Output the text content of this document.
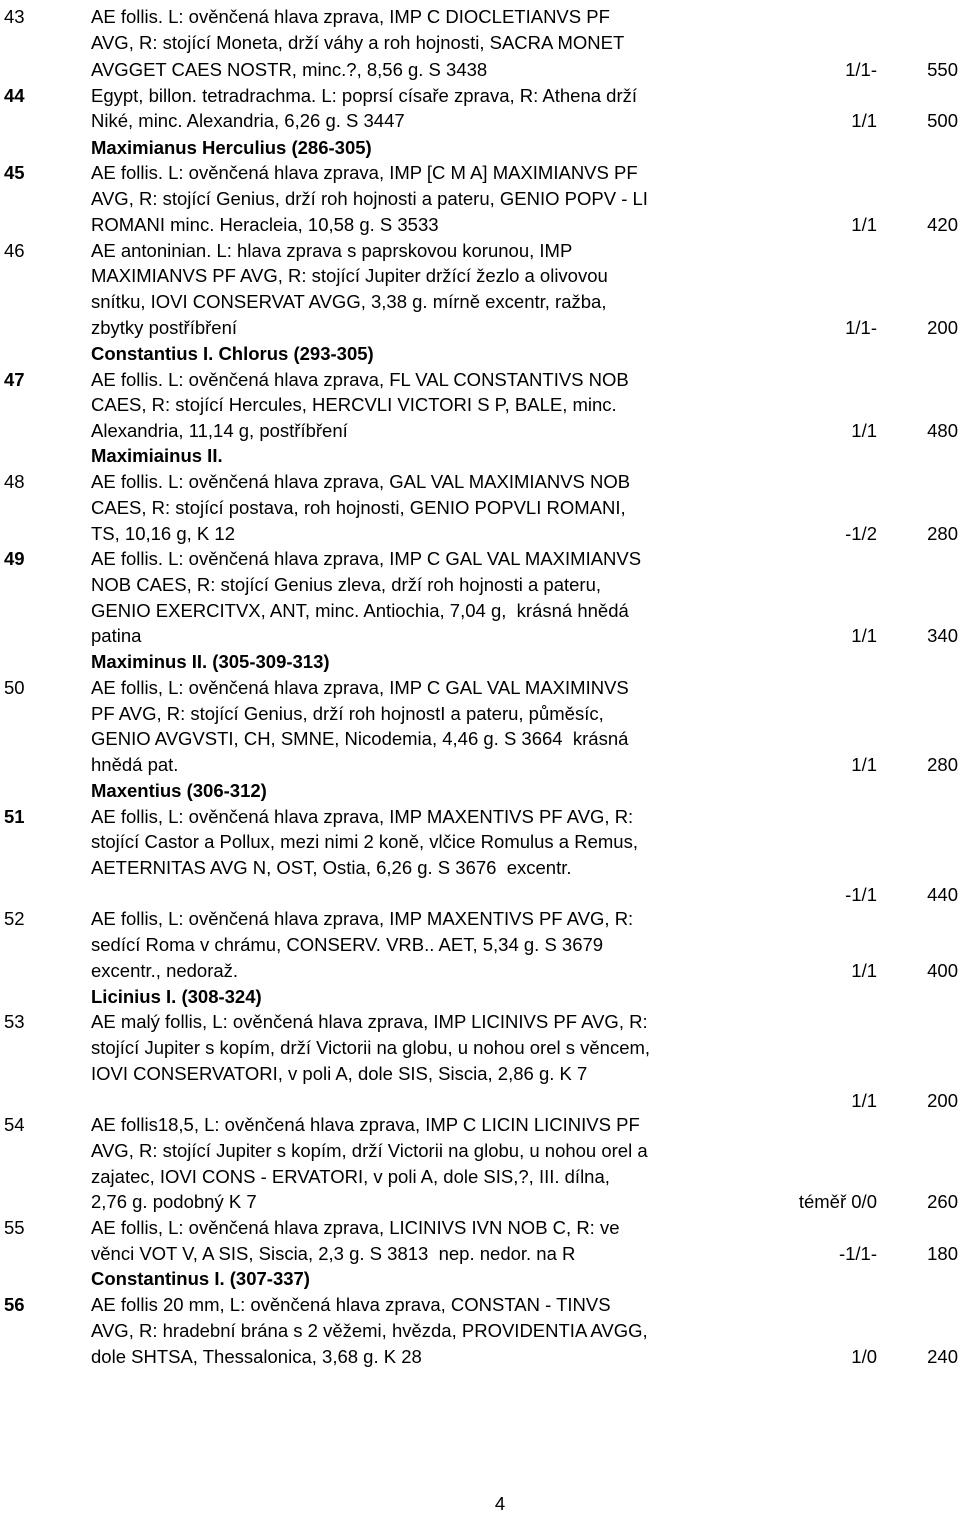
43	AE follis. L: ověnčená hlava zprava, IMP C DIOCLETIANVS PF
AVG, R: stojící Moneta, drží váhy a roh hojnosti, SACRA MONET
AVGGET CAES NOSTR, minc.?, 8,56 g. S 3438	1/1-	550
44	Egypt, billon. tetradrachma. L: poprsí císaře zprava, R: Athena drží
Niké, minc. Alexandria, 6,26 g. S 3447	1/1	500
Maximianus Herculius (286-305)
45	AE follis. L: ověnčená hlava zprava, IMP [C M A] MAXIMIANVS PF
AVG, R: stojící Genius, drží roh hojnosti a pateru, GENIO POPV - LI
ROMANI minc. Heracleia, 10,58 g. S 3533	1/1	420
46	AE antoninian. L: hlava zprava s paprskovou korunou, IMP
MAXIMIANVS PF AVG, R: stojící Jupiter držící žezlo a olivovou
snítku, IOVI CONSERVAT AVGG, 3,38 g. mírně excentr, ražba,
zbytky postříbření	1/1-	200
Constantius I. Chlorus (293-305)
47	AE follis. L: ověnčená hlava zprava, FL VAL CONSTANTIVS NOB
CAES, R: stojící Hercules, HERCVLI VICTORI S P, BALE, minc.
Alexandria, 11,14 g, postříbření	1/1	480
Maximiainus II.
48	AE follis. L: ověnčená hlava zprava, GAL VAL MAXIMIANVS NOB
CAES, R: stojící postava, roh hojnosti, GENIO POPVLI ROMANI,
TS, 10,16 g, K 12	-1/2	280
49	AE follis. L: ověnčená hlava zprava, IMP C GAL VAL MAXIMIANVS
NOB CAES, R: stojící Genius zleva, drží roh hojnosti a pateru,
GENIO EXERCITVX, ANT, minc. Antiochia, 7,04 g,  krásná hnědá
patina	1/1	340
Maximinus II. (305-309-313)
50	AE follis, L: ověnčená hlava zprava, IMP C GAL VAL MAXIMINVS
PF AVG, R: stojící Genius, drží roh hojnostI a pateru, půměsíc,
GENIO AVGVSTI, CH, SMNE, Nicodemia, 4,46 g. S 3664  krásná
hnědá pat.	1/1	280
Maxentius (306-312)
51	AE follis, L: ověnčená hlava zprava, IMP MAXENTIVS PF AVG, R:
stojící Castor a Pollux, mezi nimi 2 koně, vlčice Romulus a Remus,
AETERNITAS AVG N, OST, Ostia, 6,26 g. S 3676  excentr.
-1/1	440
52	AE follis, L: ověnčená hlava zprava, IMP MAXENTIVS PF AVG, R:
sedící Roma v chrámu, CONSERV. VRB.. AET, 5,34 g. S 3679
excentr., nedoraž.	1/1	400
Licinius I. (308-324)
53	AE malý follis, L: ověnčená hlava zprava, IMP LICINIVS PF AVG, R:
stojící Jupiter s kopím, drží Victorii na globu, u nohou orel s věncem,
IOVI CONSERVATORI, v poli A, dole SIS, Siscia, 2,86 g. K 7
1/1	200
54	AE follis18,5, L: ověnčená hlava zprava, IMP C LICIN LICINIVS PF
AVG, R: stojící Jupiter s kopím, drží Victorii na globu, u nohou orel a
zajatec, IOVI CONS - ERVATORI, v poli A, dole SIS,?, III. dílna,
2,76 g. podobný K 7	téměř 0/0	260
55	AE follis, L: ověnčená hlava zprava, LICINIVS IVN NOB C, R: ve
věnci VOT V, A SIS, Siscia, 2,3 g. S 3813  nep. nedor. na R	-1/1-	180
Constantinus I. (307-337)
56	AE follis 20 mm, L: ověnčená hlava zprava, CONSTAN - TINVS
AVG, R: hradební brána s 2 věžemi, hvězda, PROVIDENTIA AVGG,
dole SHTSA, Thessalonica, 3,68 g. K 28	1/0	240
4
